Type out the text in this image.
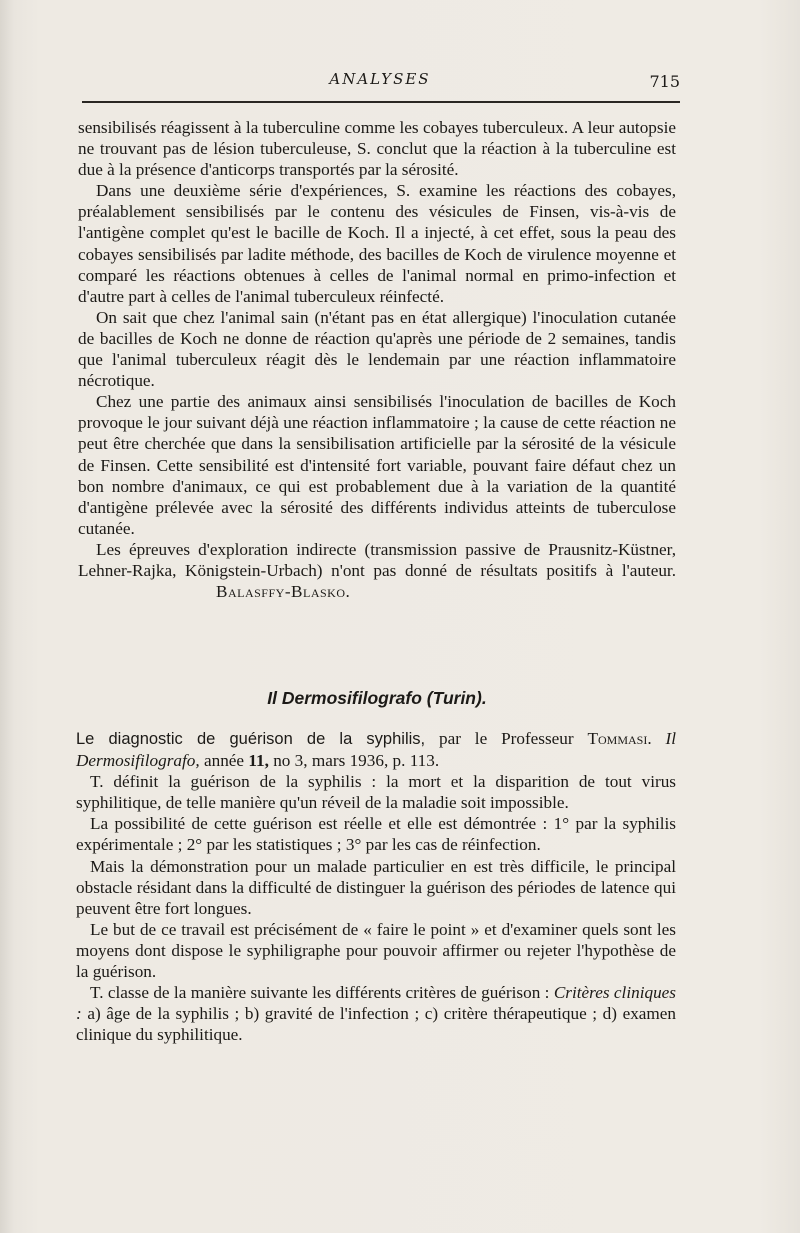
ANALYSES	715

sensibilisés réagissent à la tuberculine comme les cobayes tuberculeux. A leur autopsie ne trouvant pas de lésion tuberculeuse, S. conclut que la réaction à la tuberculine est due à la présence d'anticorps transportés par la sérosité.

Dans une deuxième série d'expériences, S. examine les réactions des cobayes, préalablement sensibilisés par le contenu des vésicules de Finsen, vis-à-vis de l'antigène complet qu'est le bacille de Koch. Il a injecté, à cet effet, sous la peau des cobayes sensibilisés par ladite méthode, des bacilles de Koch de virulence moyenne et comparé les réactions obtenues à celles de l'animal normal en primo-infection et d'autre part à celles de l'animal tuberculeux réinfecté.

On sait que chez l'animal sain (n'étant pas en état allergique) l'inoculation cutanée de bacilles de Koch ne donne de réaction qu'après une période de 2 semaines, tandis que l'animal tuberculeux réagit dès le lendemain par une réaction inflammatoire nécrotique.

Chez une partie des animaux ainsi sensibilisés l'inoculation de bacilles de Koch provoque le jour suivant déjà une réaction inflammatoire ; la cause de cette réaction ne peut être cherchée que dans la sensibilisation artificielle par la sérosité de la vésicule de Finsen. Cette sensibilité est d'intensité fort variable, pouvant faire défaut chez un bon nombre d'animaux, ce qui est probablement due à la variation de la quantité d'antigène prélevée avec la sérosité des différents individus atteints de tuberculose cutanée.

Les épreuves d'exploration indirecte (transmission passive de Prausnitz-Küstner, Lehner-Rajka, Königstein-Urbach) n'ont pas donné de résultats positifs à l'auteur. Balasffy-Blasko.

Il Dermosifilografo (Turin).

Le diagnostic de guérison de la syphilis, par le Professeur Tommasi. Il Dermosifilografo, année 11, no 3, mars 1936, p. 113.

T. définit la guérison de la syphilis : la mort et la disparition de tout virus syphilitique, de telle manière qu'un réveil de la maladie soit impossible.

La possibilité de cette guérison est réelle et elle est démontrée : 1° par la syphilis expérimentale ; 2° par les statistiques ; 3° par les cas de réinfection.

Mais la démonstration pour un malade particulier en est très difficile, le principal obstacle résidant dans la difficulté de distinguer la guérison des périodes de latence qui peuvent être fort longues.

Le but de ce travail est précisément de « faire le point » et d'examiner quels sont les moyens dont dispose le syphiligraphe pour pouvoir affirmer ou rejeter l'hypothèse de la guérison.

T. classe de la manière suivante les différents critères de guérison : Critères cliniques : a) âge de la syphilis ; b) gravité de l'infection ; c) critère thérapeutique ; d) examen clinique du syphilitique.
